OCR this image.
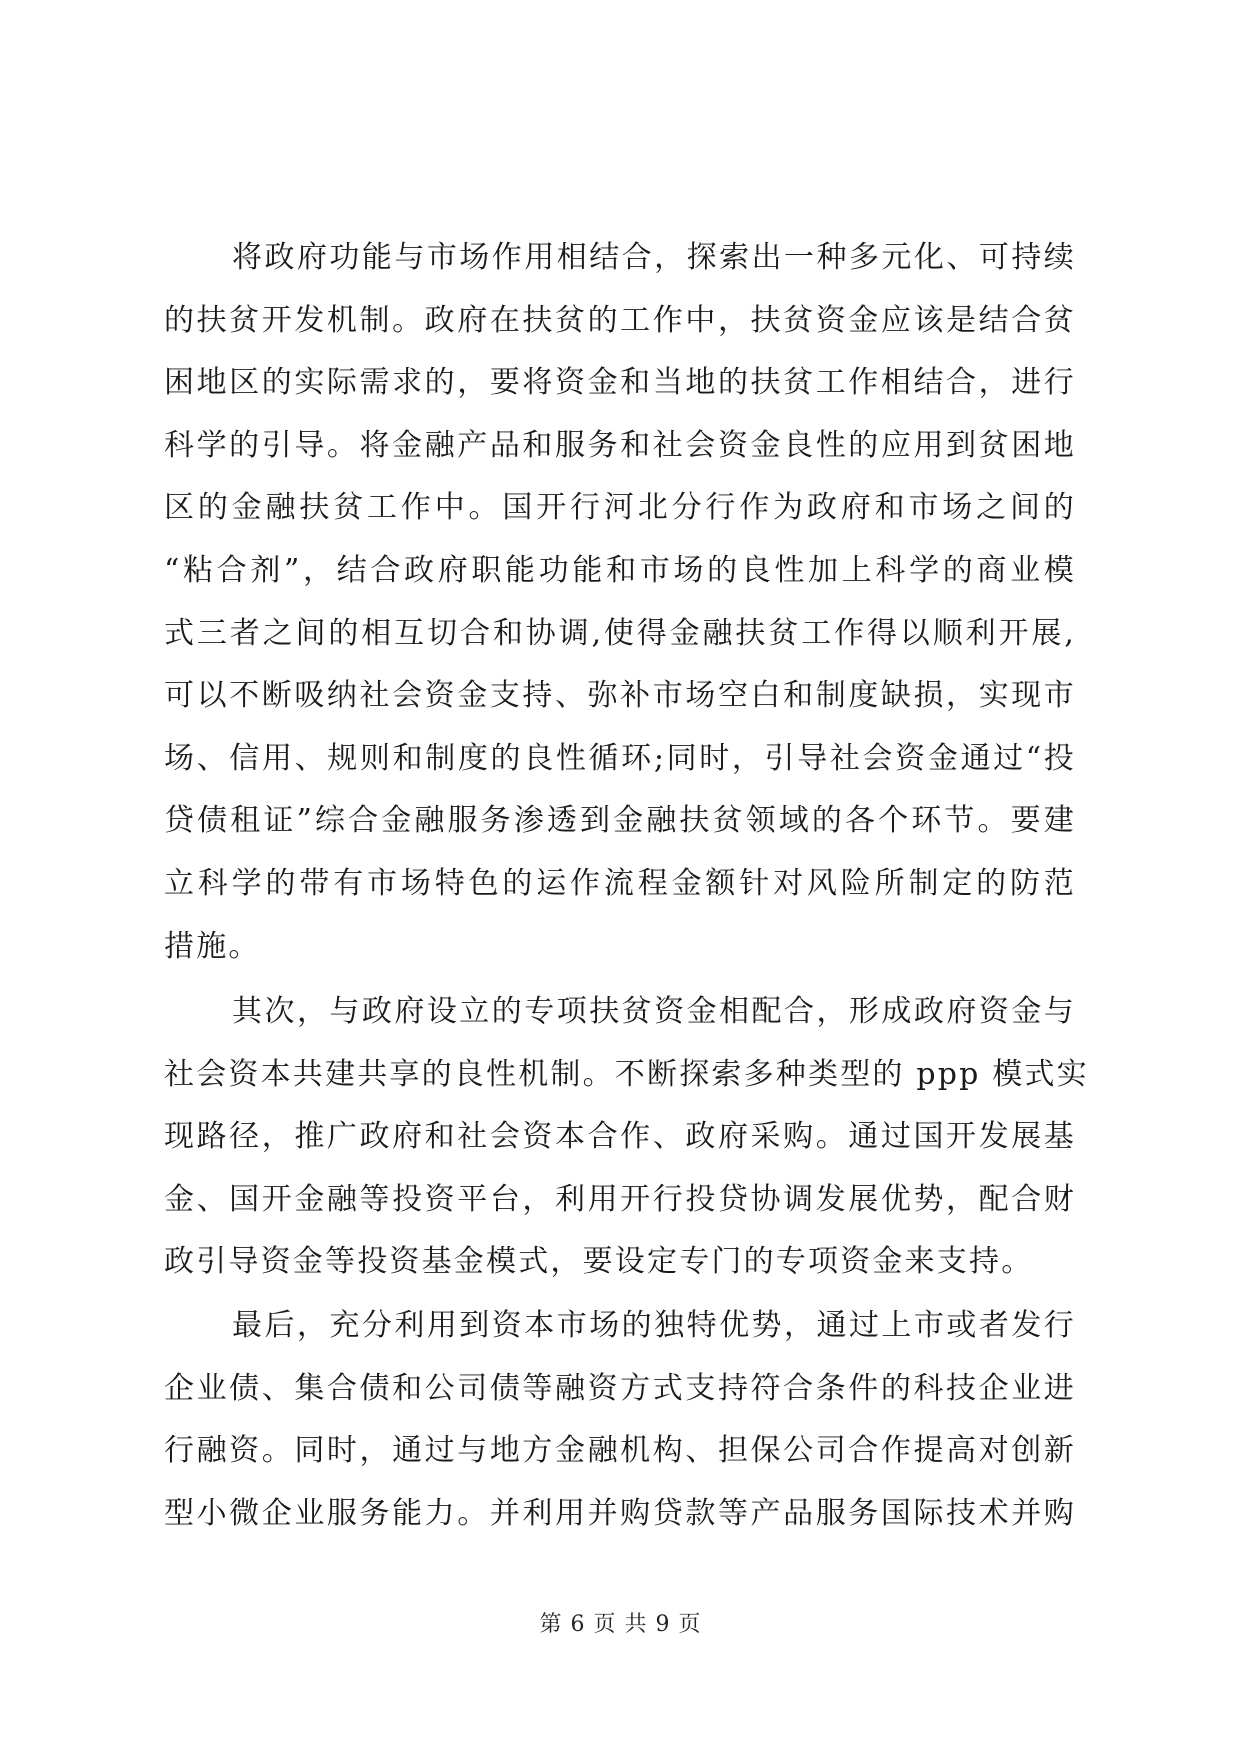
将政府功能与市场作用相结合，探索出一种多元化、可持续
的扶贫开发机制。政府在扶贫的工作中，扶贫资金应该是结合贫
困地区的实际需求的，要将资金和当地的扶贫工作相结合，进行
科学的引导。将金融产品和服务和社会资金良性的应用到贫困地
区的金融扶贫工作中。国开行河北分行作为政府和市场之间的
“粘合剂”，结合政府职能功能和市场的良性加上科学的商业模
式三者之间的相互切合和协调,使得金融扶贫工作得以顺利开展,
可以不断吸纳社会资金支持、弥补市场空白和制度缺损，实现市
场、信用、规则和制度的良性循环;同时，引导社会资金通过“投
贷债租证”综合金融服务渗透到金融扶贫领域的各个环节。要建
立科学的带有市场特色的运作流程金额针对风险所制定的防范
措施。
其次，与政府设立的专项扶贫资金相配合，形成政府资金与
社会资本共建共享的良性机制。不断探索多种类型的 ppp 模式实
现路径，推广政府和社会资本合作、政府采购。通过国开发展基
金、国开金融等投资平台，利用开行投贷协调发展优势，配合财
政引导资金等投资基金模式，要设定专门的专项资金来支持。
最后，充分利用到资本市场的独特优势，通过上市或者发行
企业债、集合债和公司债等融资方式支持符合条件的科技企业进
行融资。同时，通过与地方金融机构、担保公司合作提高对创新
型小微企业服务能力。并利用并购贷款等产品服务国际技术并购
第 6 页 共 9 页
